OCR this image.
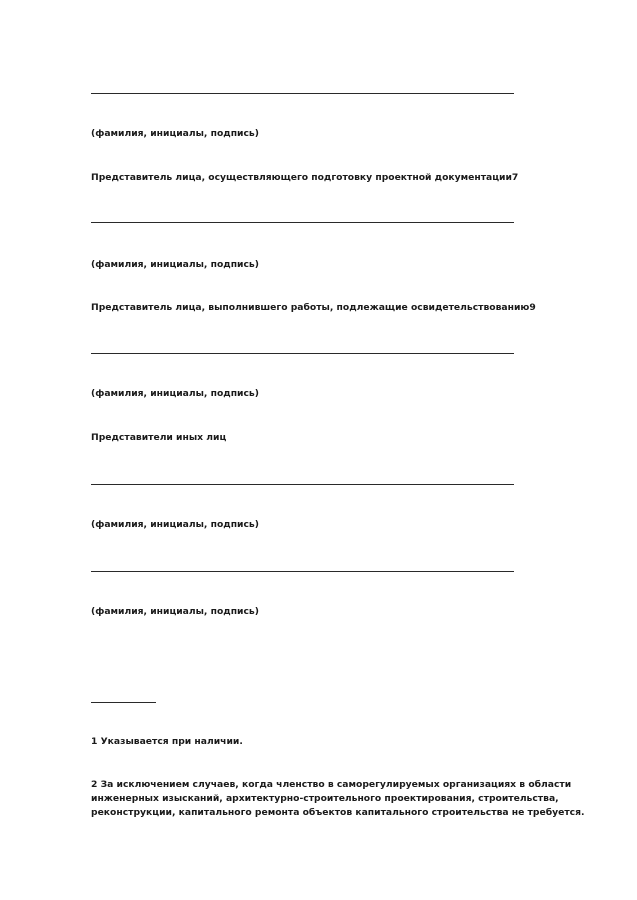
(фамилия, инициалы, подпись)
Представитель лица, осуществляющего подготовку проектной документации7
(фамилия, инициалы, подпись)
Представитель лица, выполнившего работы, подлежащие освидетельствованию9
(фамилия, инициалы, подпись)
Представители иных лиц
(фамилия, инициалы, подпись)
(фамилия, инициалы, подпись)
1 Указывается при наличии.
2 За исключением случаев, когда членство в саморегулируемых организациях в области
инженерных изысканий, архитектурно-строительного проектирования, строительства,
реконструкции, капитального ремонта объектов капитального строительства не требуется.
